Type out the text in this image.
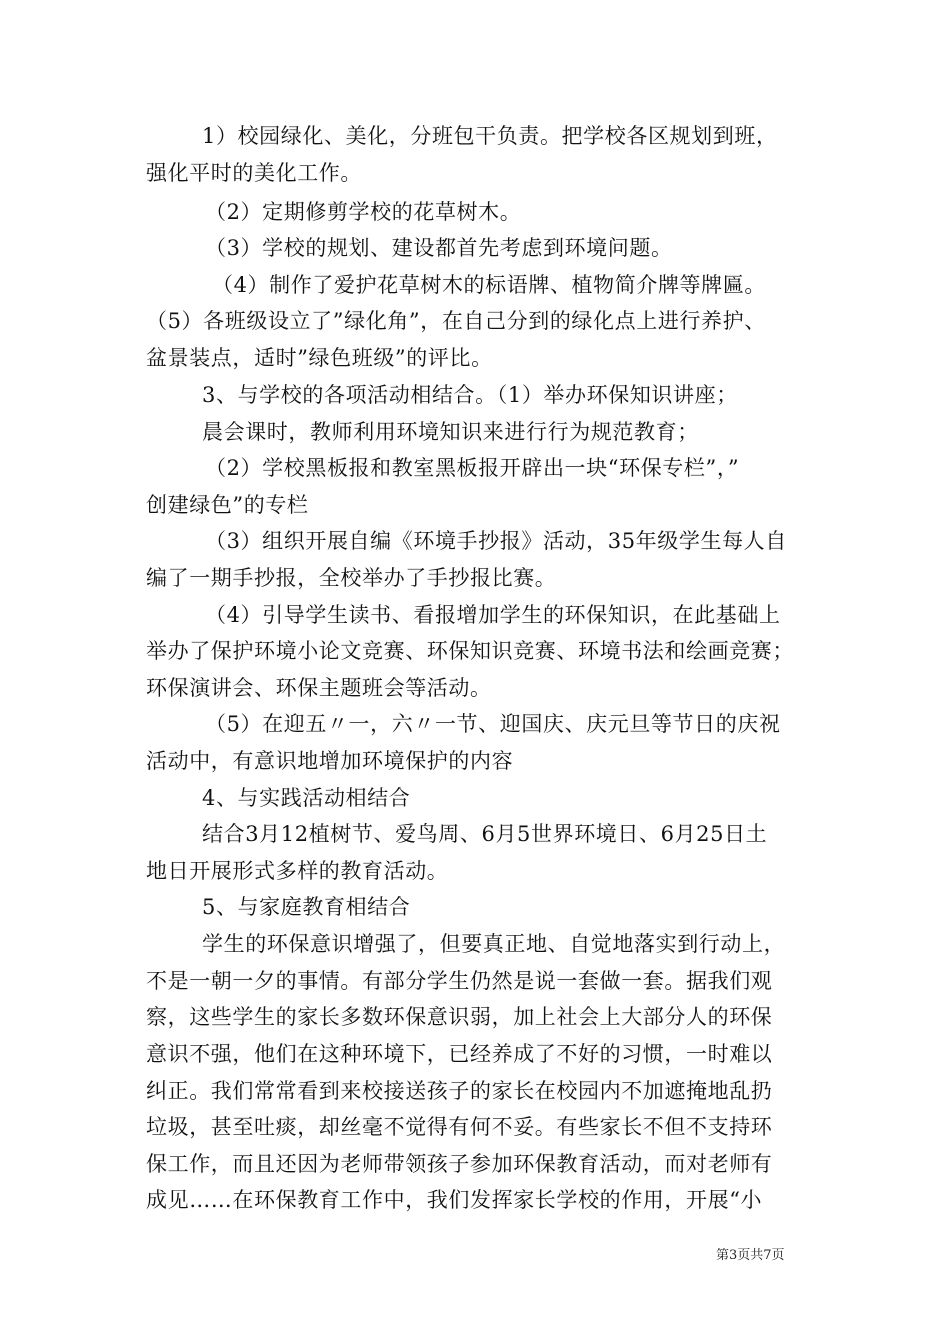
1）校园绿化、美化，分班包干负责。把学校各区规划到班，
强化平时的美化工作。
（2）定期修剪学校的花草树木。
（3）学校的规划、建设都首先考虑到环境问题。
（4）制作了爱护花草树木的标语牌、植物简介牌等牌匾。
（5）各班级设立了”绿化角”，在自己分到的绿化点上进行养护、
盆景装点，适时”绿色班级”的评比。
3、与学校的各项活动相结合。（1）举办环保知识讲座；
晨会课时，教师利用环境知识来进行行为规范教育；
（2）学校黑板报和教室黑板报开辟出一块“环保专栏”，”
创建绿色”的专栏
（3）组织开展自编《环境手抄报》活动，35年级学生每人自
编了一期手抄报，全校举办了手抄报比赛。
（4）引导学生读书、看报增加学生的环保知识，在此基础上
举办了保护环境小论文竞赛、环保知识竞赛、环境书法和绘画竞赛；
环保演讲会、环保主题班会等活动。
（5）在迎五〃一，六〃一节、迎国庆、庆元旦等节日的庆祝
活动中，有意识地增加环境保护的内容
4、与实践活动相结合
结合3月12植树节、爱鸟周、6月5世界环境日、6月25日土
地日开展形式多样的教育活动。
5、与家庭教育相结合
学生的环保意识增强了，但要真正地、自觉地落实到行动上，
不是一朝一夕的事情。有部分学生仍然是说一套做一套。据我们观
察，这些学生的家长多数环保意识弱，加上社会上大部分人的环保
意识不强，他们在这种环境下，已经养成了不好的习惯，一时难以
纠正。我们常常看到来校接送孩子的家长在校园内不加遮掩地乱扔
垃圾，甚至吐痰，却丝毫不觉得有何不妥。有些家长不但不支持环
保工作，而且还因为老师带领孩子参加环保教育活动，而对老师有
成见……在环保教育工作中，我们发挥家长学校的作用，开展“小
第3页共7页
